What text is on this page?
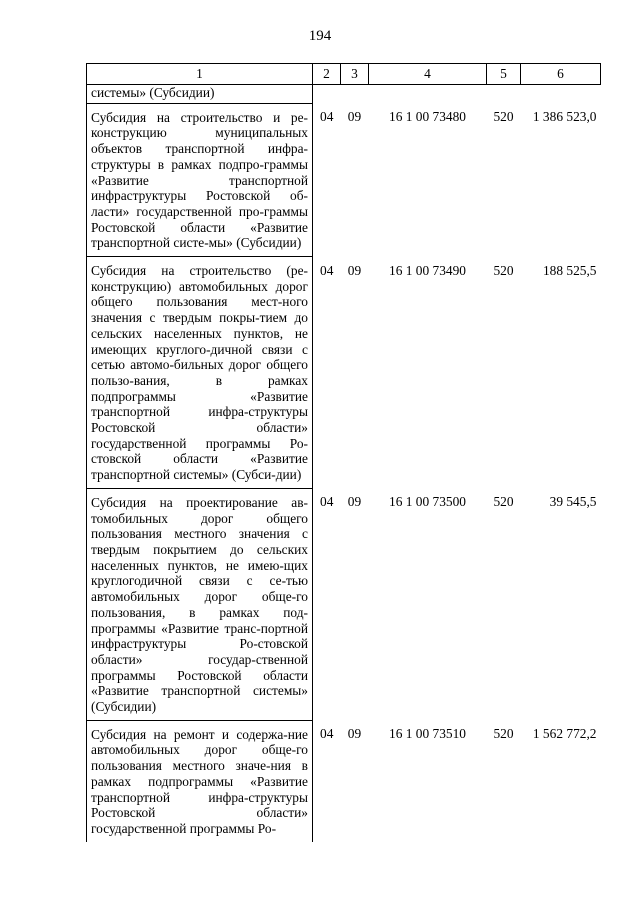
194
1	2	3	4	5	6
системы» (Субсидии)					
Субсидия на строительство и ре-конструкцию муниципальных объектов транспортной инфра-структуры в рамках подпро-граммы «Развитие транспортной инфраструктуры Ростовской об-ласти» государственной про-граммы Ростовской области «Развитие транспортной систе-мы» (Субсидии)	04	09	16 1 00 73480	520	1 386 523,0
Субсидия на строительство (ре-конструкцию) автомобильных дорог общего пользования мест-ного значения с твердым покры-тием до сельских населенных пунктов, не имеющих круглого-дичной связи с сетью автомо-бильных дорог общего пользо-вания, в рамках подпрограммы «Развитие транспортной инфра-структуры Ростовской области» государственной программы Ро-стовской области «Развитие транспортной системы» (Субси-дии)	04	09	16 1 00 73490	520	188 525,5
Субсидия на проектирование ав-томобильных дорог общего пользования местного значения с твердым покрытием до сельских населенных пунктов, не имею-щих круглогодичной связи с се-тью автомобильных дорог обще-го пользования, в рамках под-программы «Развитие транс-портной инфраструктуры Ро-стовской области» государ-ственной программы Ростовской области «Развитие транспортной системы» (Субсидии)	04	09	16 1 00 73500	520	39 545,5
Субсидия на ремонт и содержа-ние автомобильных дорог обще-го пользования местного значе-ния в рамках подпрограммы «Развитие транспортной инфра-структуры Ростовской области» государственной программы Ро-	04	09	16 1 00 73510	520	1 562 772,2
